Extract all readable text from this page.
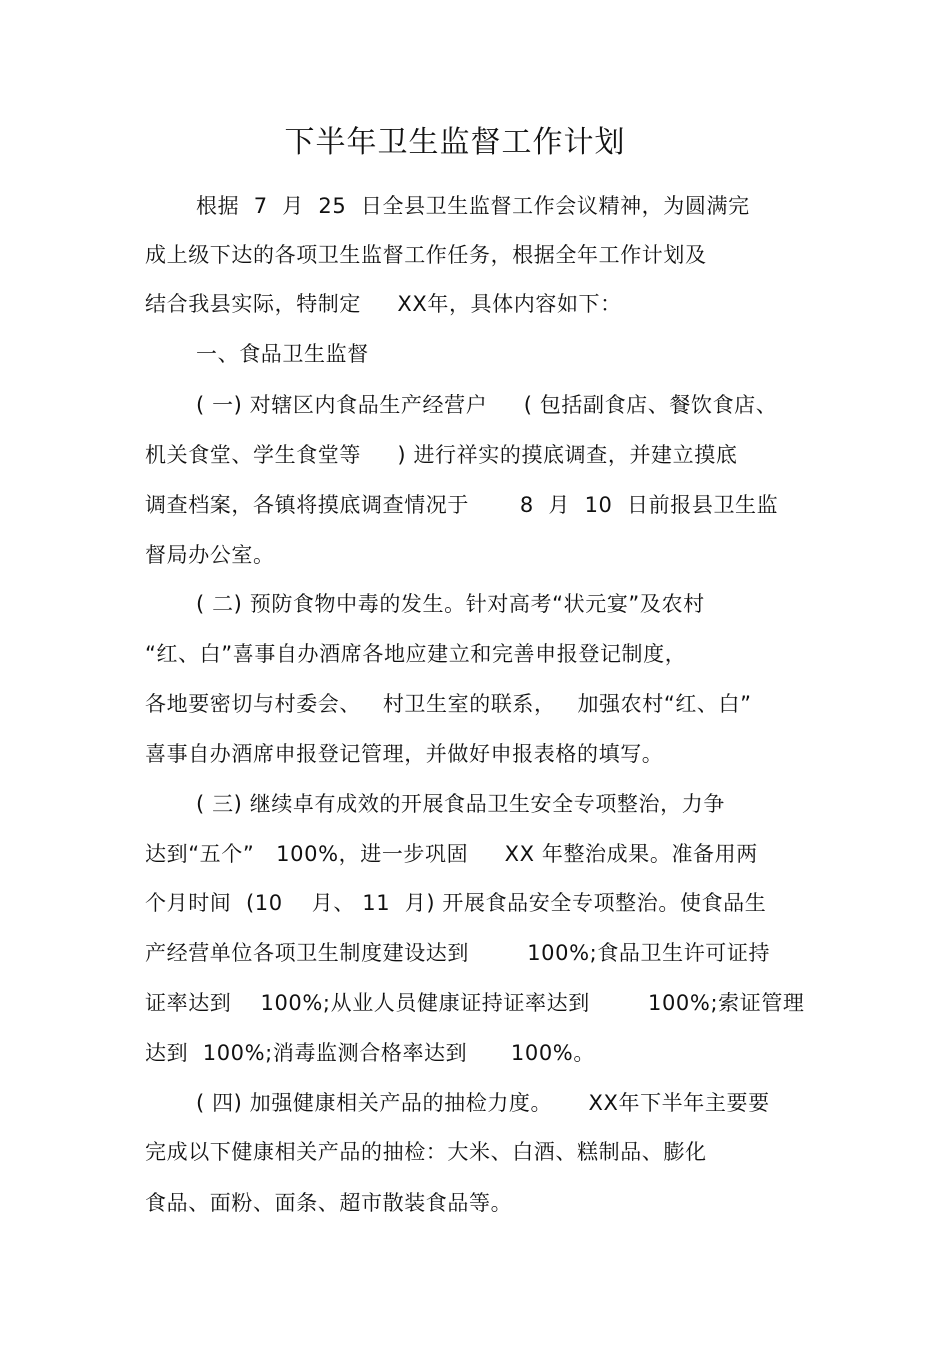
下半年卫生监督工作计划
根据  7  月  25  日全县卫生监督工作会议精神，为圆满完
成上级下达的各项卫生监督工作任务，根据全年工作计划及
结合我县实际，特制定     XX年，具体内容如下：
一、食品卫生监督
( 一) 对辖区内食品生产经营户     ( 包括副食店、餐饮食店、
机关食堂、学生食堂等     ) 进行祥实的摸底调查，并建立摸底
调查档案，各镇将摸底调查情况于       8  月  10  日前报县卫生监
督局办公室。
( 二) 预防食物中毒的发生。针对高考“状元宴”及农村
“红、白”喜事自办酒席各地应建立和完善申报登记制度，
各地要密切与村委会、   村卫生室的联系，   加强农村“红、白”
喜事自办酒席申报登记管理，并做好申报表格的填写。
( 三) 继续卓有成效的开展食品卫生安全专项整治，力争
达到“五个”   100%，进一步巩固     XX 年整治成果。准备用两
个月时间  (10    月、 11  月) 开展食品安全专项整治。使食品生
产经营单位各项卫生制度建设达到        100%;食品卫生许可证持
证率达到    100%;从业人员健康证持证率达到        100%;索证管理
达到  100%;消毒监测合格率达到      100%。
( 四) 加强健康相关产品的抽检力度。     XX年下半年主要要
完成以下健康相关产品的抽检：大米、白酒、糕制品、膨化
食品、面粉、面条、超市散装食品等。
